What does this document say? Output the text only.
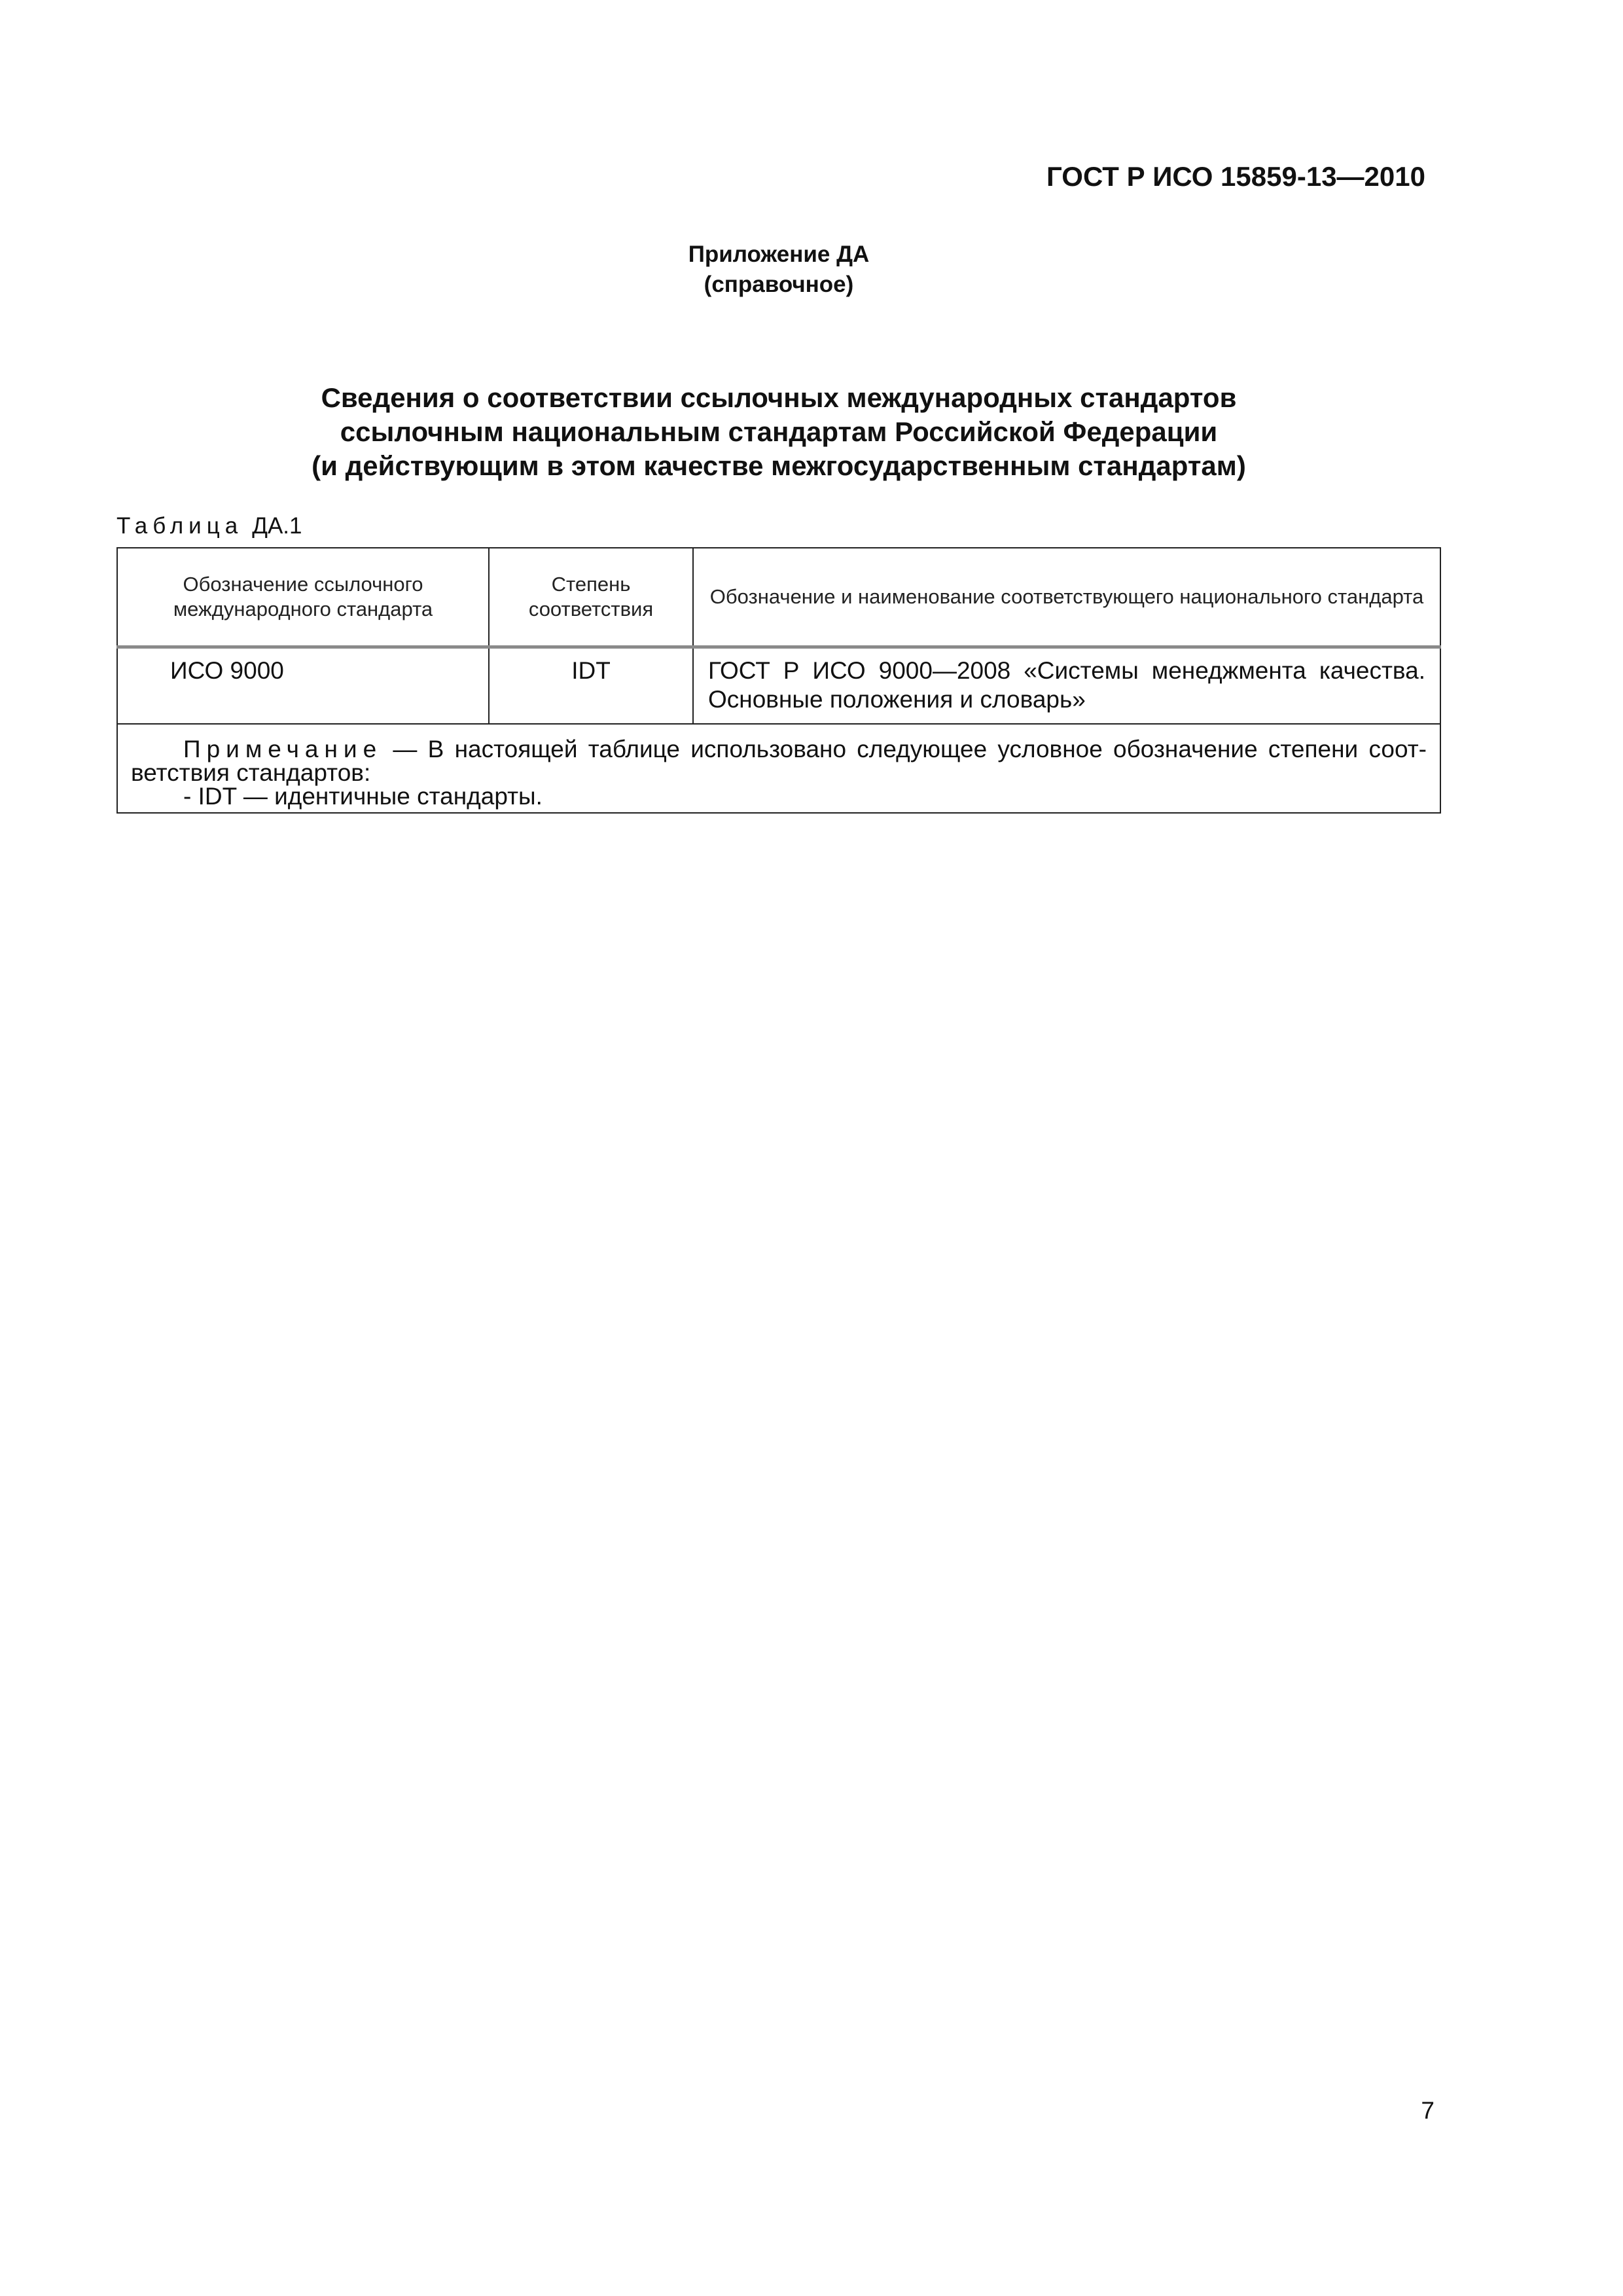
ГОСТ Р ИСО 15859-13—2010
Приложение ДА
(справочное)
Сведения о соответствии ссылочных международных стандартов
ссылочным национальным стандартам Российской Федерации
(и действующим в этом качестве межгосударственным стандартам)
Таблица ДА.1
Обозначение ссылочного международного стандарта	Степень соответствия	Обозначение и наименование соответствующего национального стандарта
ИСО 9000	IDT	ГОСТ Р ИСО 9000—2008 «Системы менеджмента качества. Основные положения и словарь»

Примечание — В настоящей таблице использовано следующее условное обозначение степени соот-
ветствия стандартов:
- IDT — идентичные стандарты.		
7
